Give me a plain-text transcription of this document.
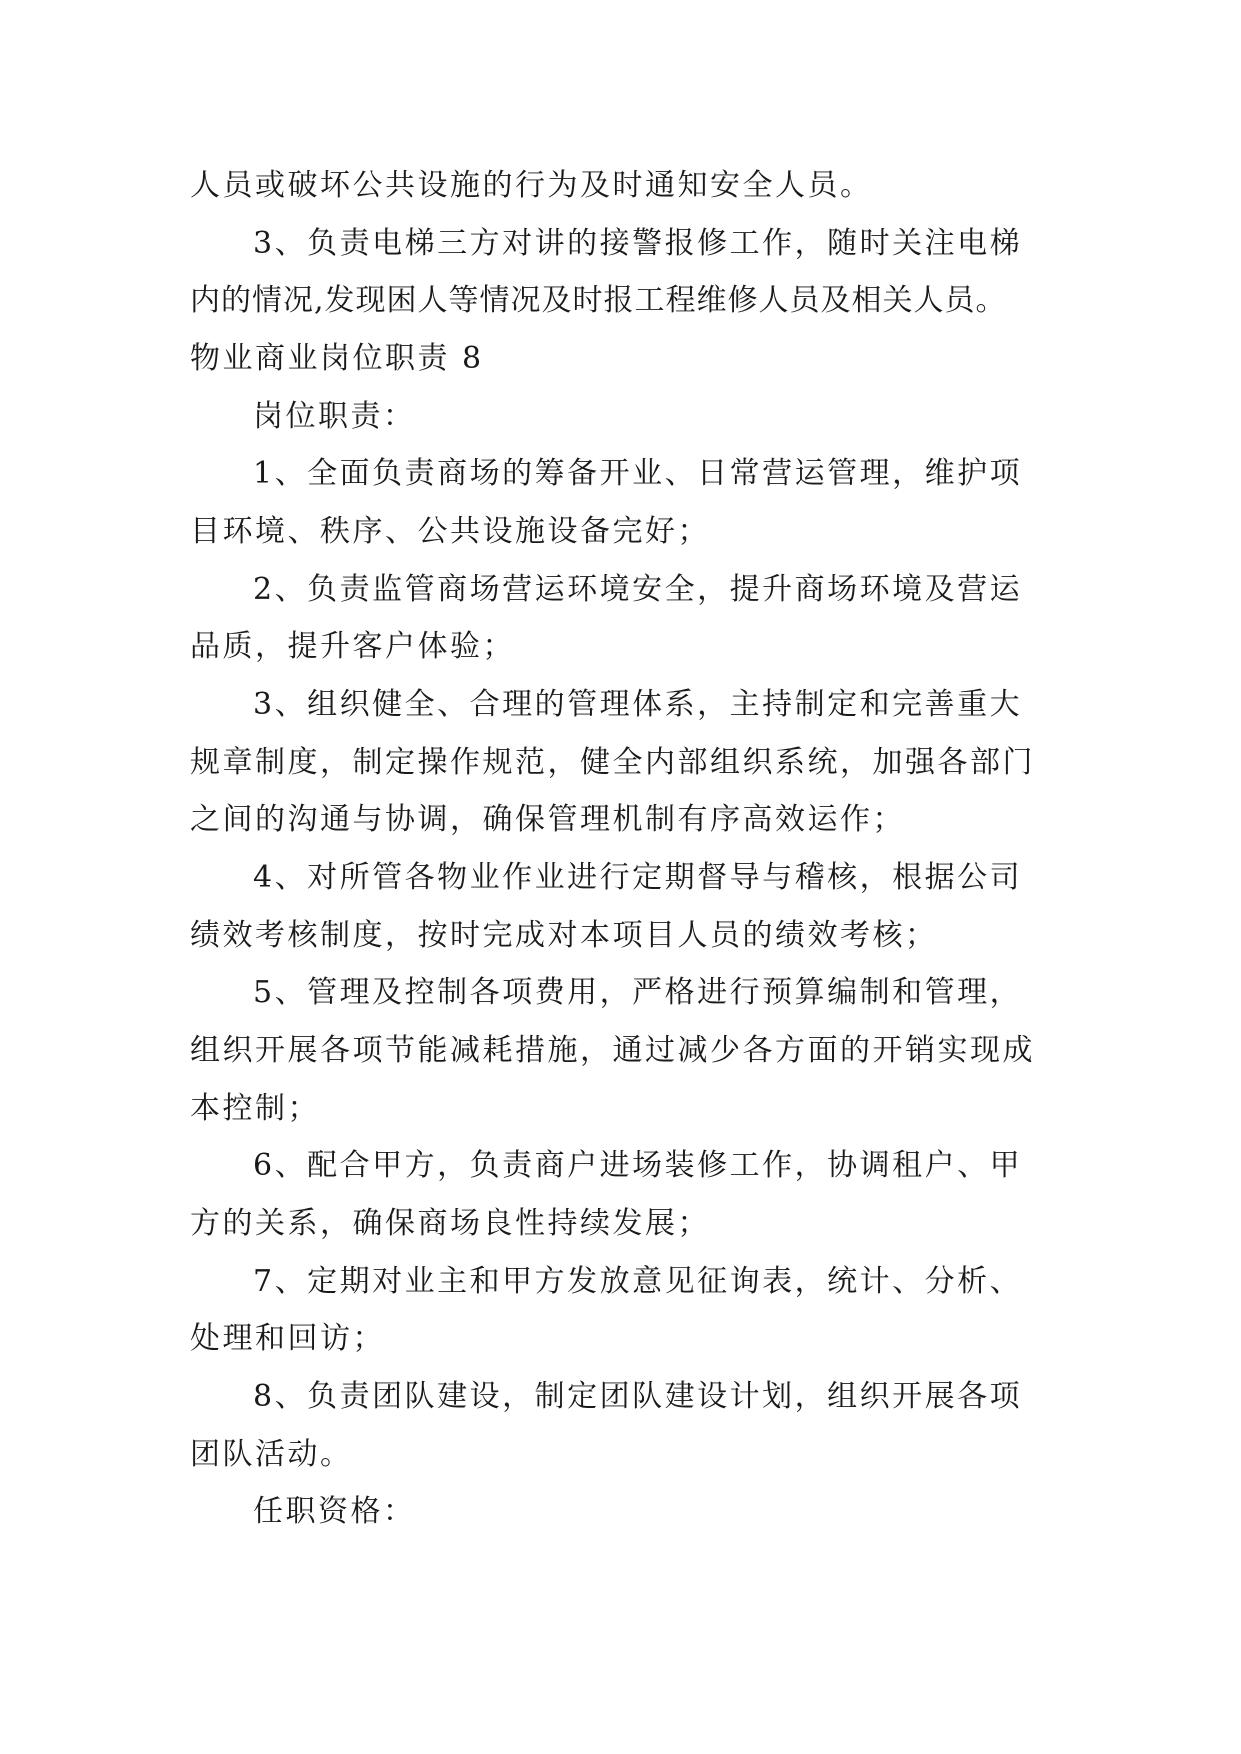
人员或破坏公共设施的行为及时通知安全人员。
3、负责电梯三方对讲的接警报修工作，随时关注电梯
内的情况,发现困人等情况及时报工程维修人员及相关人员。
物业商业岗位职责 8
岗位职责：
1、全面负责商场的筹备开业、日常营运管理，维护项
目环境、秩序、公共设施设备完好；
2、负责监管商场营运环境安全，提升商场环境及营运
品质，提升客户体验；
3、组织健全、合理的管理体系，主持制定和完善重大
规章制度，制定操作规范，健全内部组织系统，加强各部门
之间的沟通与协调，确保管理机制有序高效运作；
4、对所管各物业作业进行定期督导与稽核，根据公司
绩效考核制度，按时完成对本项目人员的绩效考核；
5、管理及控制各项费用，严格进行预算编制和管理，
组织开展各项节能减耗措施，通过减少各方面的开销实现成
本控制；
6、配合甲方，负责商户进场装修工作，协调租户、甲
方的关系，确保商场良性持续发展；
7、定期对业主和甲方发放意见征询表，统计、分析、
处理和回访；
8、负责团队建设，制定团队建设计划，组织开展各项
团队活动。
任职资格：
